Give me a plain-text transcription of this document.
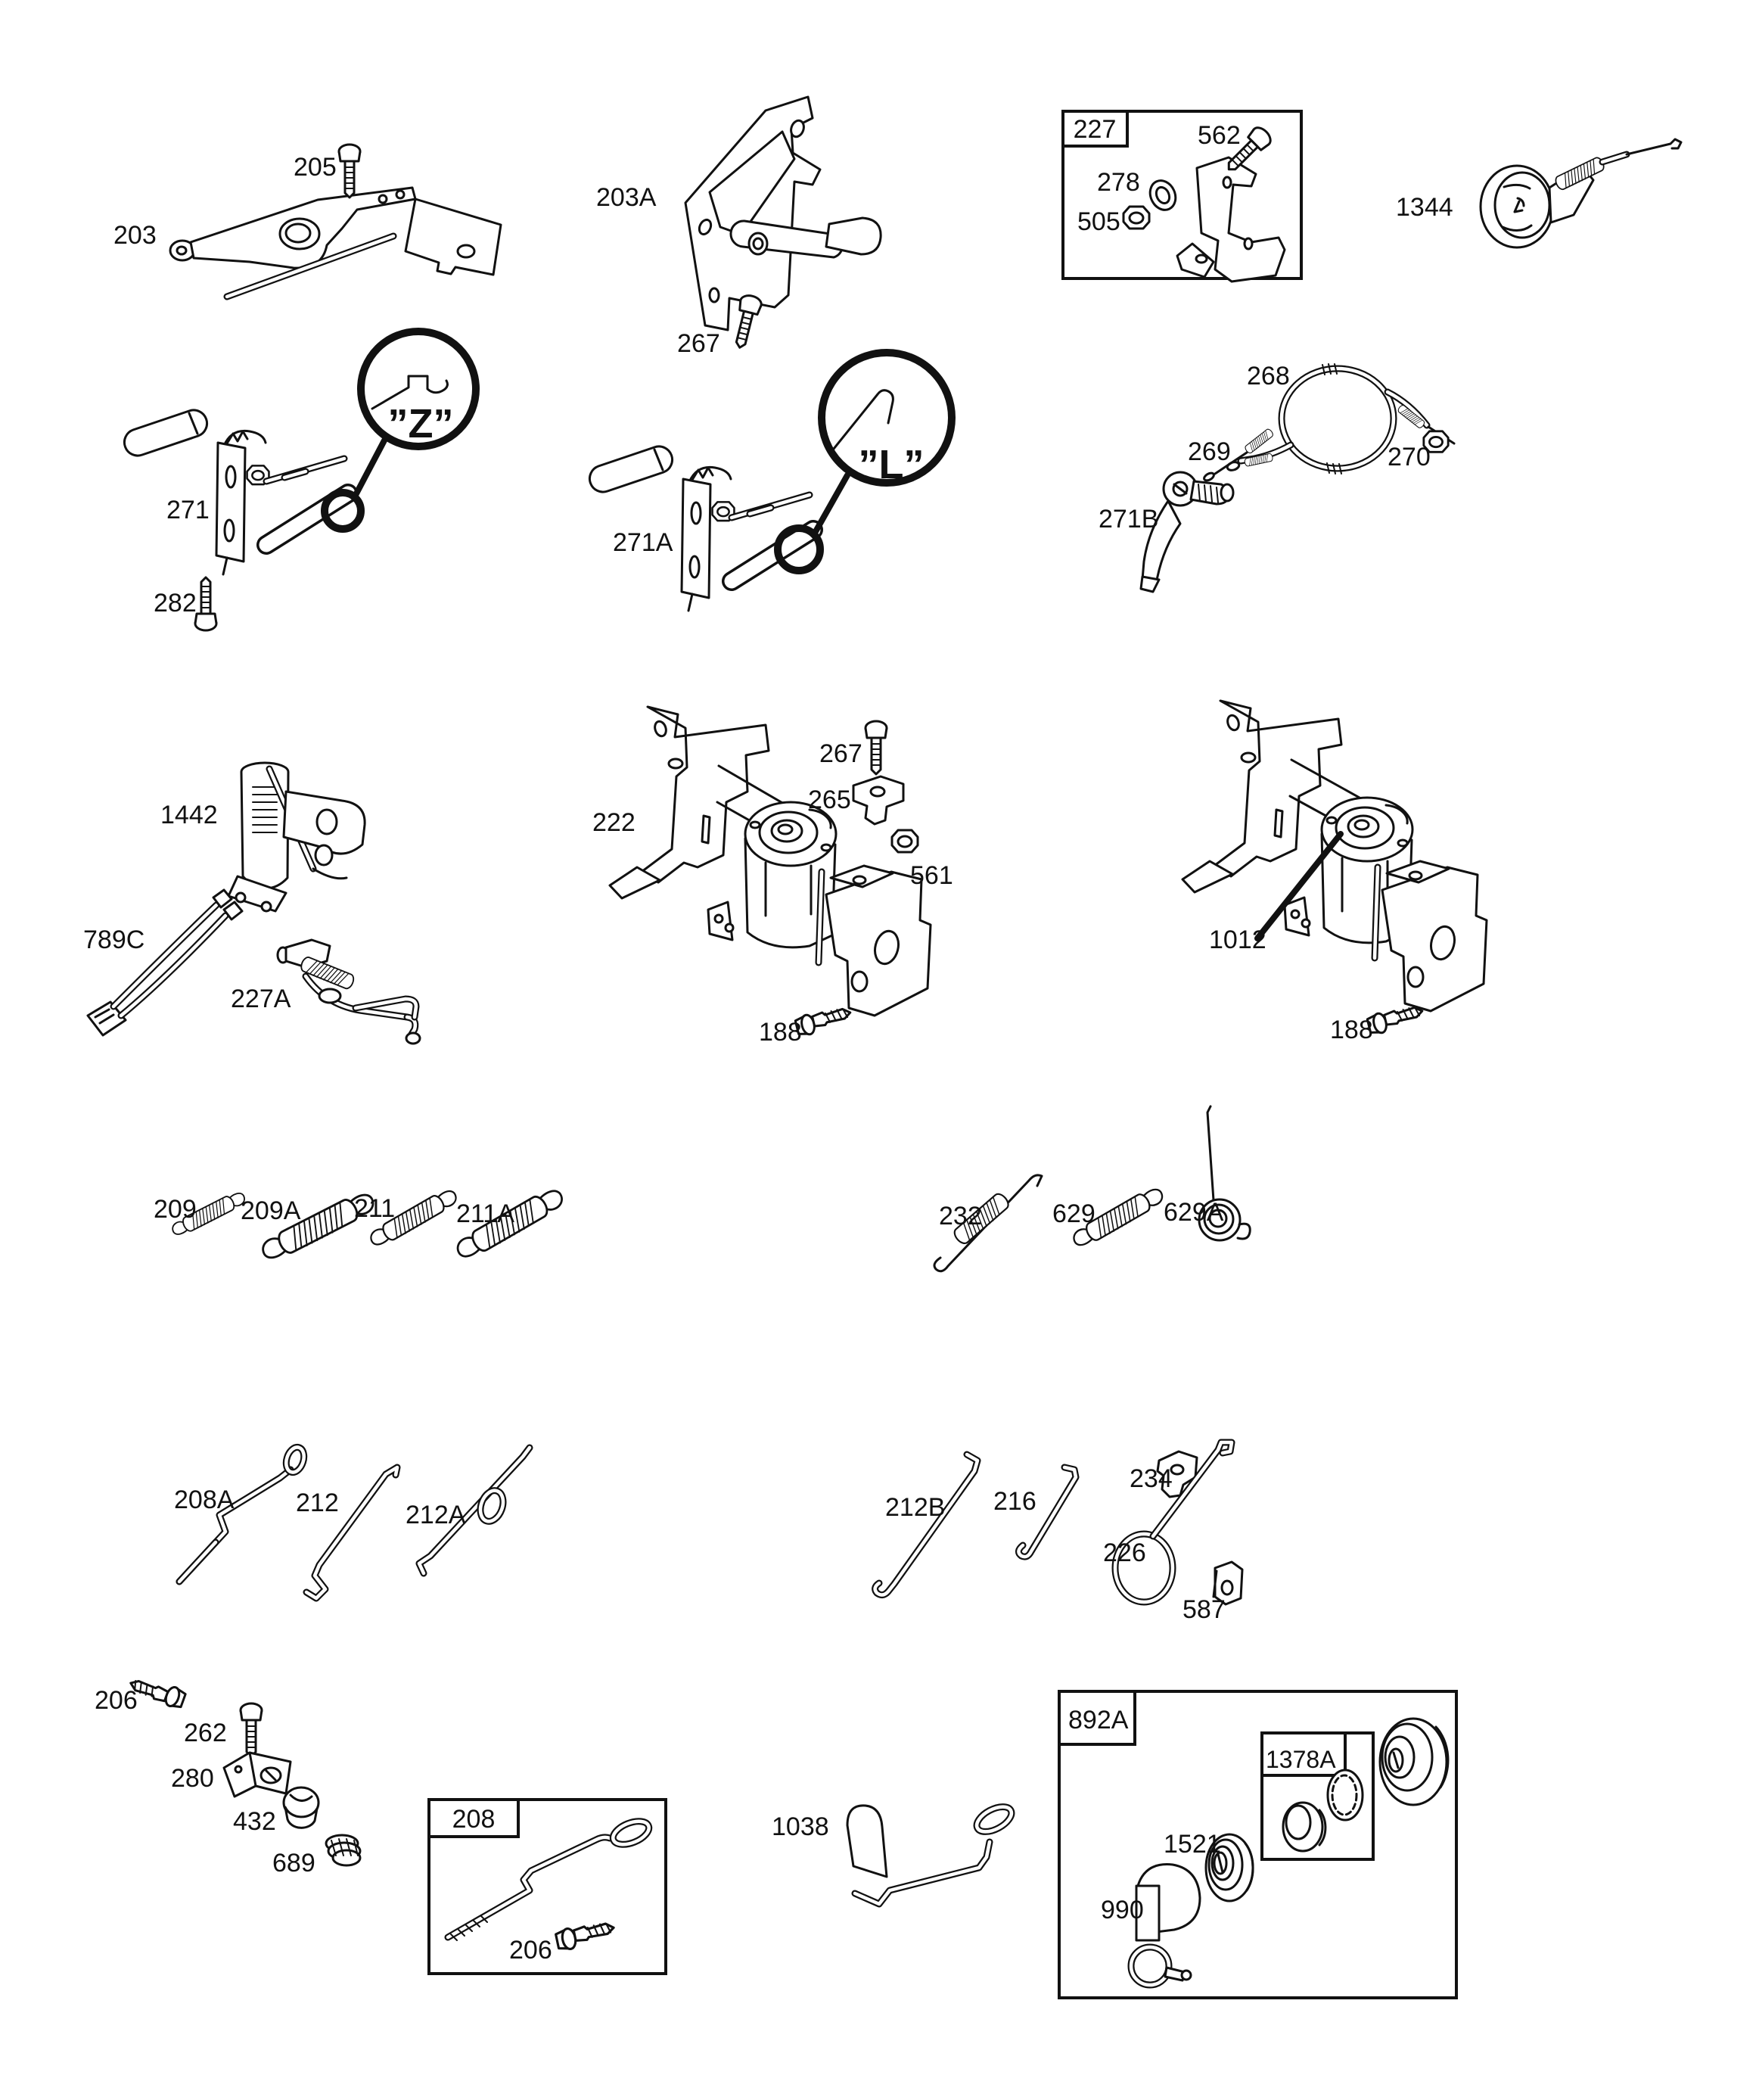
203
205
203A
267
227	562
278
505	1344
”Z”
271
282
”L”
271A
271B
268
269	270
1442
789C
227A
222
267
265
561
188
1012
188
209 209A 211 211A	232	629	629A
208A 212	212A	212B 216
234
226
587
206
262
280
432
689
208
206
1038
892A
1378A
1521
990
